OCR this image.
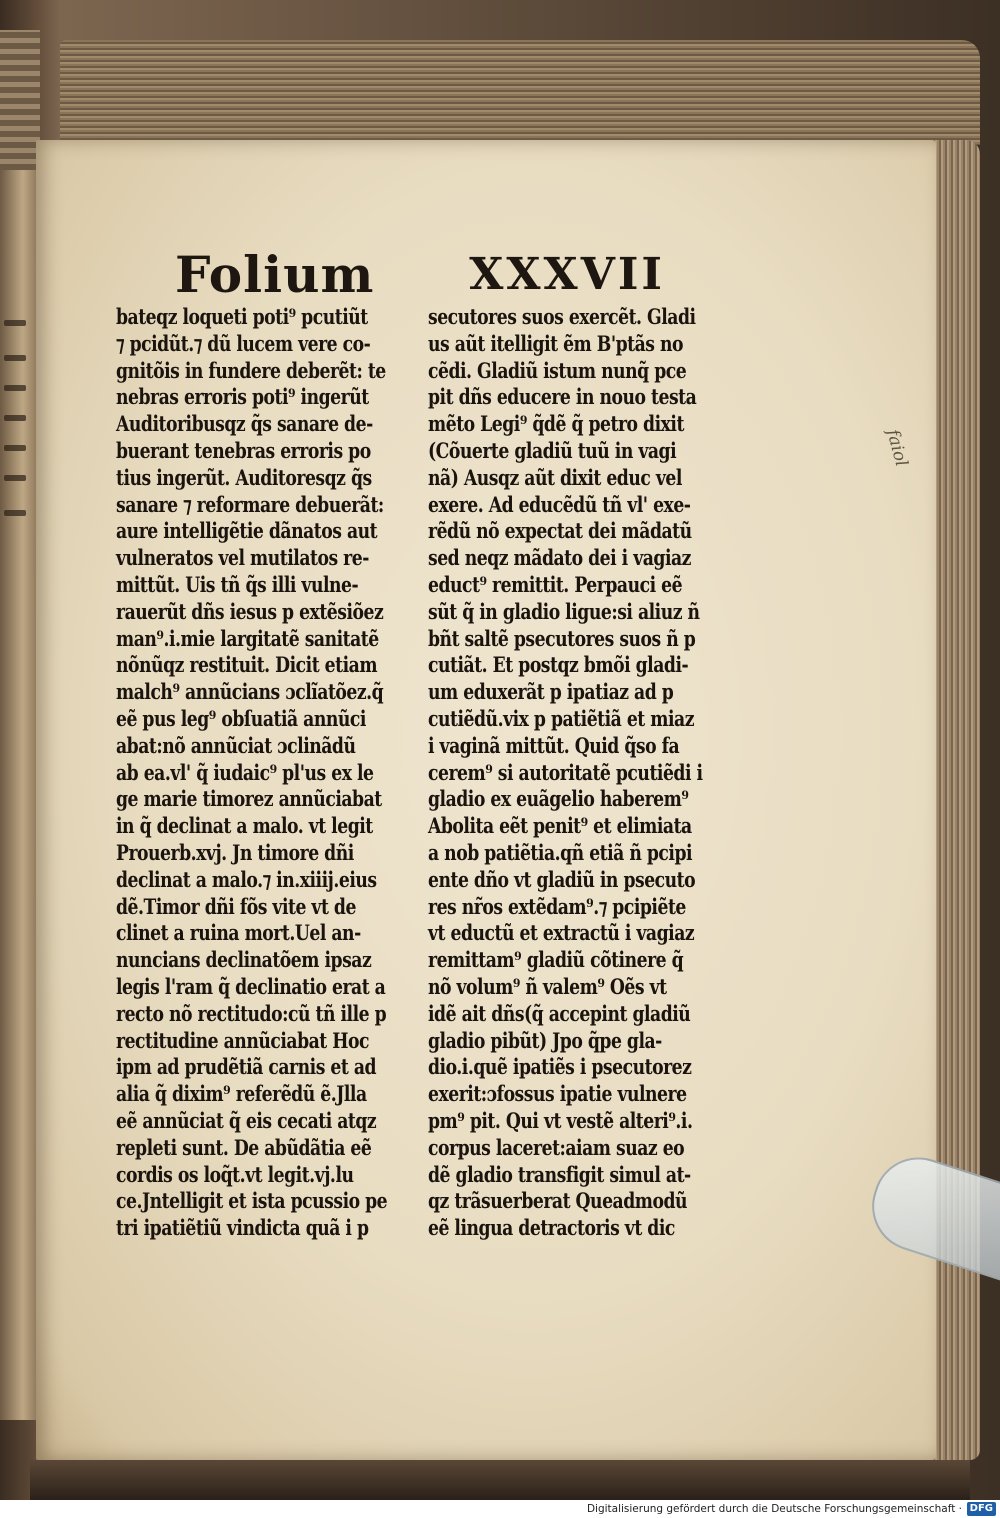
Folium XXXVII
bateqz loqueti poti⁹ pcutiũt
⁊ pcidũt.⁊ dũ lucem vere co-
gnitõis in fundere deberẽt: te
nebras erroris poti⁹ ingerũt
Auditoribusqz q̃s sanare de-
buerant tenebras erroris po
tius ingerũt. Auditoresqz q̃s
sanare ⁊ reformare debuerãt:
aure intelligẽtie dãnatos aut
vulneratos vel mutilatos re-
mittũt. Uis tñ q̃s illi vulne-
rauerũt dñs iesus p extẽsiõez
man⁹.i.mie largitatẽ sanitatẽ
nõnũqz restituit. Dicit etiam
malch⁹ annũcians ɔclĩatõez.q̃
eẽ pus leg⁹ obſuatiã annũci
abat:nõ annũciat ɔclinãdũ
ab ea.vl' q̃ iudaic⁹ pl'us ex le
ge marie timorez annũciabat
in q̃ declinat a malo. vt legit
Prouerb.xvj. Jn timore dñi
declinat a malo.⁊ in.xiiij.eius
dẽ.Timor dñi fõs vite vt de
clinet a ruina mort.Uel an-
nuncians declinatõem ipsaz
legis l'ram q̃ declinatio erat a
recto nõ rectitudo:cũ tñ ille p
rectitudine annũciabat Hoc
ipm ad prudẽtiã carnis et ad
alia q̃ dixim⁹ referẽdũ ẽ.Jlla
eẽ annũciat q̃ eis cecati atqz
repleti sunt. De abũdãtia eẽ
cordis os loq̃t.vt legit.vj.lu
ce.Jntelligit et ista pcussio pe
tri ipatiẽtiũ vindicta quã i p
secutores suos exercẽt. Gladi
us aũt itelligit ẽm B'ptãs no
cẽdi. Gladiũ istum nunq̃ pce
pit dñs educere in nouo testa
mẽto Legi⁹ q̃dẽ q̃ petro dixit
(Cõuerte gladiũ tuũ in vagi
nã) Ausqz aũt dixit educ vel
exere. Ad educẽdũ tñ vl' exe-
rẽdũ nõ expectat dei mãdatũ
sed neqz mãdato dei i vagiaz
educt⁹ remittit. Perpauci eẽ
sũt q̃ in gladio ligue:si aliuz ñ
bñt saltẽ psecutores suos ñ p
cutiãt. Et postqz bmõi gladi-
um eduxerãt p ipatiaz ad p
cutiẽdũ.vix p patiẽtiã et miaz
i vaginã mittũt. Quid q̃so fa
cerem⁹ si autoritatẽ pcutiẽdi i
gladio ex euãgelio haberem⁹
Abolita eẽt penit⁹ et elimiata
a nob patiẽtia.qñ etiã ñ pcipi
ente dño vt gladiũ in psecuto
res nr̃os extẽdam⁹.⁊ pcipiẽte
vt eductũ et extractũ i vagiaz
remittam⁹ gladiũ cõtinere q̃
nõ volum⁹ ñ valem⁹ Oẽs vt
idẽ ait dñs(q̃ accepint gladiũ
gladio pibũt) Jpo q̃pe gla-
dio.i.quẽ ipatiẽs i psecutorez
exerit:ɔfossus ipatie vulnere
pm⁹ pit. Qui vt vestẽ alteri⁹.i.
corpus laceret:aiam suaz eo
dẽ gladio transfigit simul at-
qz trãsuerberat Queadmodũ
eẽ lingua detractoris vt dic
faiol
Digitalisierung gefördert durch die Deutsche Forschungsgemeinschaft · DFG
